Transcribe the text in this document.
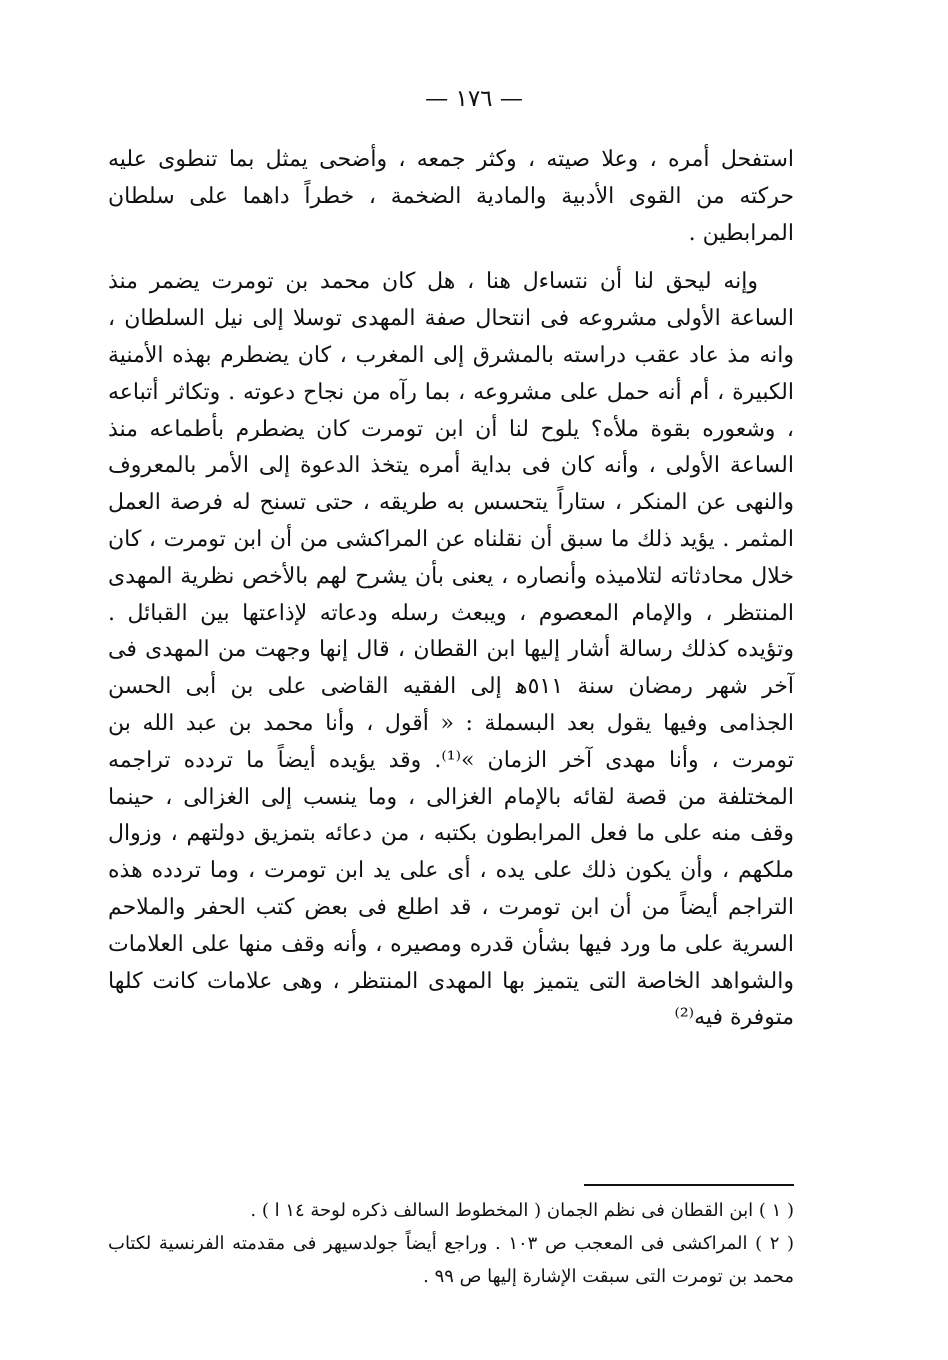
— ١٧٦ —

استفحل أمره ، وعلا صيته ، وكثر جمعه ، وأضحى يمثل بما تنطوى عليه حركته من القوى الأدبية والمادية الضخمة ، خطراً داهما على سلطان المرابطين .

وإنه ليحق لنا أن نتساءل هنا ، هل كان محمد بن تومرت يضمر منذ الساعة الأولى مشروعه فى انتحال صفة المهدى توسلا إلى نيل السلطان ، وانه مذ عاد عقب دراسته بالمشرق إلى المغرب ، كان يضطرم بهذه الأمنية الكبيرة ، أم أنه حمل على مشروعه ، بما رآه من نجاح دعوته . وتكاثر أتباعه ، وشعوره بقوة ملأه؟ يلوح لنا أن ابن تومرت كان يضطرم بأطماعه منذ الساعة الأولى ، وأنه كان فى بداية أمره يتخذ الدعوة إلى الأمر بالمعروف والنهى عن المنكر ، ستاراً يتحسس به طريقه ، حتى تسنح له فرصة العمل المثمر . يؤيد ذلك ما سبق أن نقلناه عن المراكشى من أن ابن تومرت ، كان خلال محادثاته لتلاميذه وأنصاره ، يعنى بأن يشرح لهم بالأخص نظرية المهدى المنتظر ، والإمام المعصوم ، ويبعث رسله ودعاته لإذاعتها بين القبائل . وتؤيده كذلك رسالة أشار إليها ابن القطان ، قال إنها وجهت من المهدى فى آخر شهر رمضان سنة ٥١١ﻫ إلى الفقيه القاضى على بن أبى الحسن الجذامى وفيها يقول بعد البسملة : « أقول ، وأنا محمد بن عبد الله بن تومرت ، وأنا مهدى آخر الزمان »⁽¹⁾. وقد يؤيده أيضاً ما تردده تراجمه المختلفة من قصة لقائه بالإمام الغزالى ، وما ينسب إلى الغزالى ، حينما وقف منه على ما فعل المرابطون بكتبه ، من دعائه بتمزيق دولتهم ، وزوال ملكهم ، وأن يكون ذلك على يده ، أى على يد ابن تومرت ، وما تردده هذه التراجم أيضاً من أن ابن تومرت ، قد اطلع فى بعض كتب الحفر والملاحم السرية على ما ورد فيها بشأن قدره ومصيره ، وأنه وقف منها على العلامات والشواهد الخاصة التى يتميز بها المهدى المنتظر ، وهى علامات كانت كلها متوفرة فيه⁽²⁾

( ١ ) ابن القطان فى نظم الجمان ( المخطوط السالف ذكره لوحة ١٤ ا ) .

( ٢ ) المراكشى فى المعجب ص ١٠٣ . وراجع أيضاً جولدسيهر فى مقدمته الفرنسية لكتاب محمد بن تومرت التى سبقت الإشارة إليها ص ٩٩ .
